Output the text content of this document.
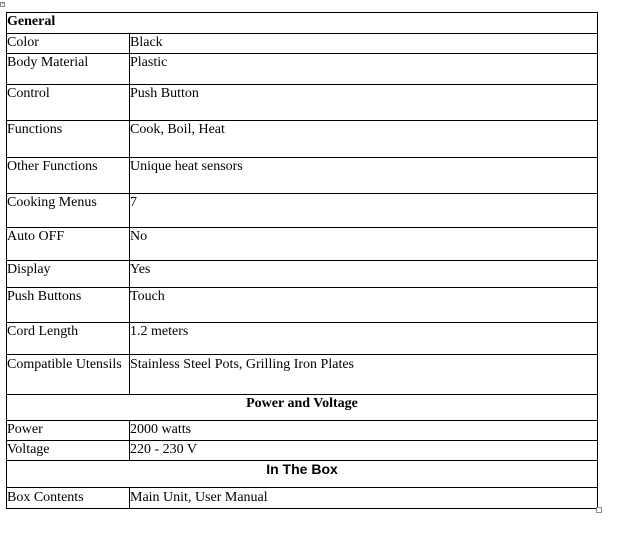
+
General	
Color	Black
Body Material	Plastic
Control	Push Button
Functions	Cook, Boil, Heat
Other Functions	Unique heat sensors
Cooking Menus	7
Auto OFF	No
Display	Yes
Push Buttons	Touch
Cord Length	1.2 meters
Compatible Utensils	Stainless Steel Pots, Grilling Iron Plates
Power and Voltage	
Power	2000 watts
Voltage	220 - 230 V
In The Box	
Box Contents	Main Unit, User Manual
